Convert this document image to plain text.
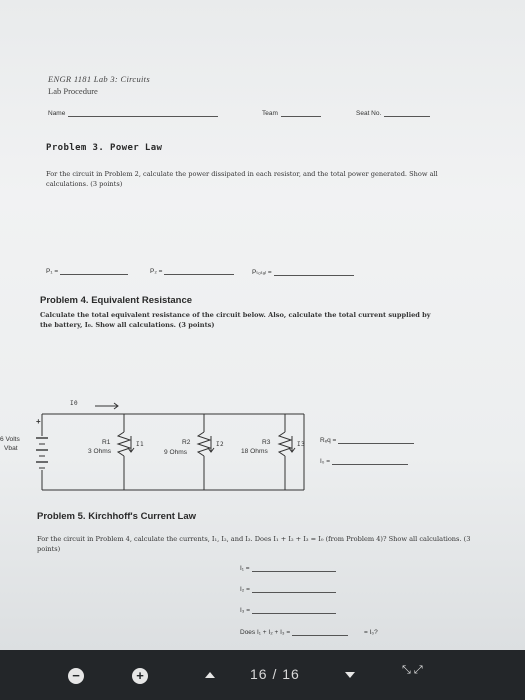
ENGR 1181 Lab 3: Circuits
Lab Procedure
Name	Team	Seat No.
Problem 3. Power Law
For the circuit in Problem 2, calculate the power dissipated in each resistor, and the total power generated. Show all calculations. (3 points)
P₁ =	P₂ =	Pₜₒₜₐₗ =
Problem 4. Equivalent Resistance
Calculate the total equivalent resistance of the circuit below. Also, calculate the total current supplied by the battery, I₀. Show all calculations. (3 points)
+
6 Volts
Vbat
I0
R1
3 Ohms
I1	R2
9 Ohms
I2	R3
18 Ohms
I3
Rₑq =
I₀ =
Problem 5. Kirchhoff's Current Law
For the circuit in Problem 4, calculate the currents, I₁, I₂, and I₃. Does I₁ + I₂ + I₃ = I₀ (from Problem 4)? Show all calculations. (3 points)
I₁ =
I₂ =
I₃ =
Does I₁ + I₂ + I₃ =	= I₀?
−	+	16 / 16	⤡ ⤢
